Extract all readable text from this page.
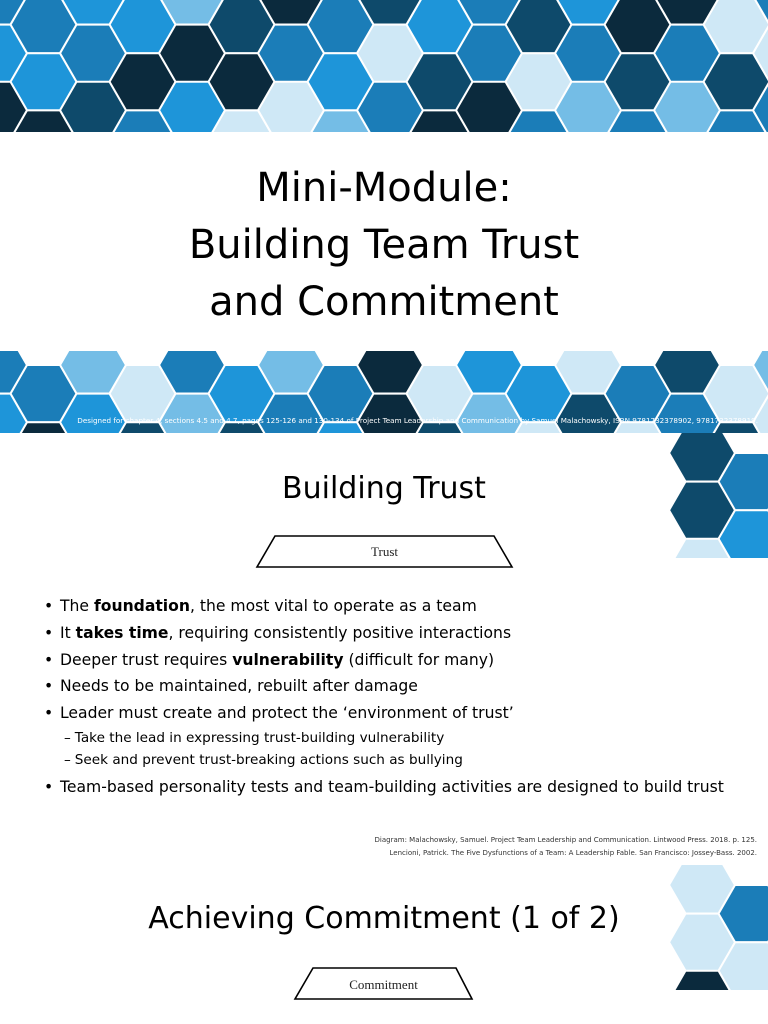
Mini-Module:
Building Team Trust
and Commitment

Designed for chapter 4, sections 4.5 and 4.7, pages 125-126 and 130-134 of Project Team Leadership and Communication by Samuel Malachowsky, ISBN 9781732378902, 9781732378919.

Building Trust
Trust
• The foundation, the most vital to operate as a team
• It takes time, requiring consistently positive interactions
• Deeper trust requires vulnerability (difficult for many)
• Needs to be maintained, rebuilt after damage
• Leader must create and protect the ‘environment of trust’
– Take the lead in expressing trust-building vulnerability
– Seek and prevent trust-breaking actions such as bullying
• Team-based personality tests and team-building activities are designed to build trust
Diagram: Malachowsky, Samuel. Project Team Leadership and Communication. Lintwood Press. 2018. p. 125.
Lencioni, Patrick. The Five Dysfunctions of a Team: A Leadership Fable. San Francisco: Jossey-Bass. 2002.
Achieving Commitment (1 of 2)
Commitment
